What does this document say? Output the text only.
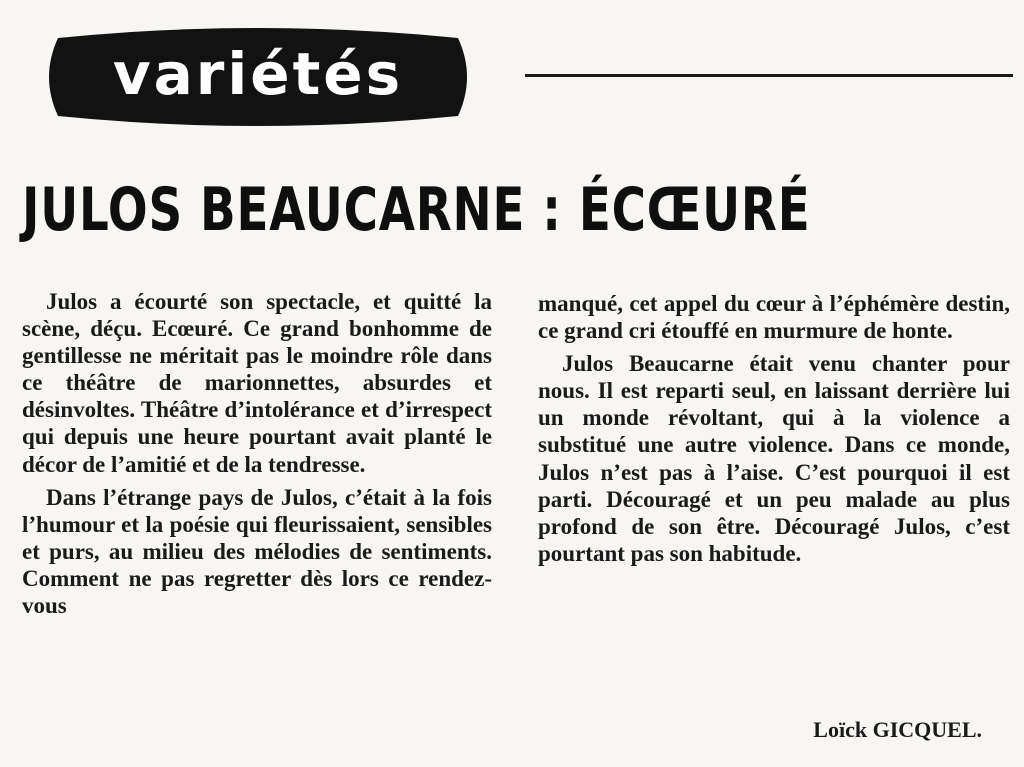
variétés
JULOS BEAUCARNE : ÉCŒURÉ

Julos a écourté son spectacle, et quitté la scène, déçu. Ecœuré. Ce grand bonhomme de gentillesse ne méritait pas le moindre rôle dans ce théâtre de marionnettes, absurdes et désinvoltes. Théâtre d’intolérance et d’irrespect qui depuis une heure pourtant avait planté le décor de l’amitié et de la tendresse.

Dans l’étrange pays de Julos, c’était à la fois l’humour et la poésie qui fleurissaient, sensibles et purs, au milieu des mélodies de sentiments. Comment ne pas regretter dès lors ce rendez-vous

manqué, cet appel du cœur à l’éphémère destin, ce grand cri étouffé en murmure de honte.

Julos Beaucarne était venu chanter pour nous. Il est reparti seul, en laissant derrière lui un monde révoltant, qui à la violence a substitué une autre violence. Dans ce monde, Julos n’est pas à l’aise. C’est pourquoi il est parti. Découragé et un peu malade au plus profond de son être. Découragé Julos, c’est pourtant pas son habitude.

Loïck GICQUEL.
